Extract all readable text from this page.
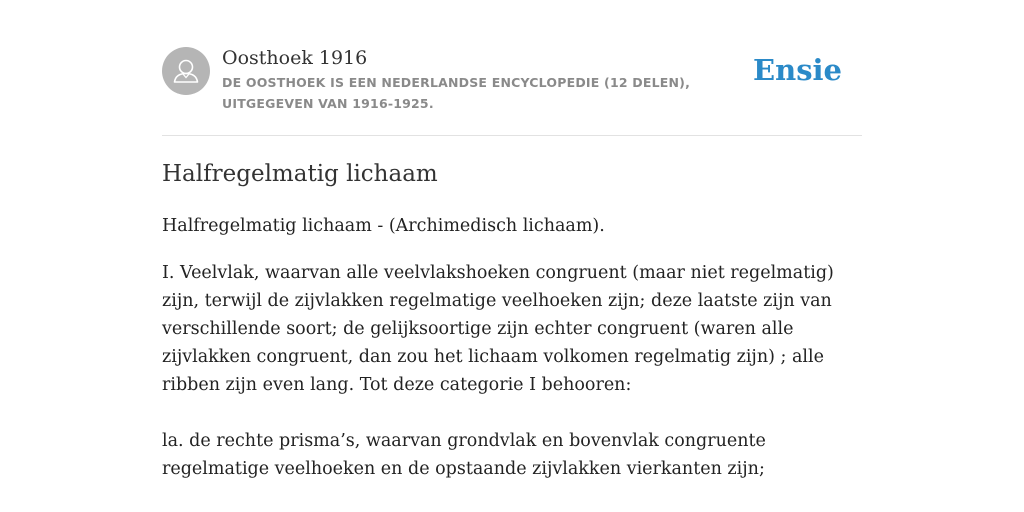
Oosthoek 1916
DE OOSTHOEK IS EEN NEDERLANDSE ENCYCLOPEDIE (12 DELEN), UITGEGEVEN VAN 1916-1925.
Ensie
Halfregelmatig lichaam

Halfregelmatig lichaam - (Archimedisch lichaam).

I. Veelvlak, waarvan alle veelvlakshoeken congruent (maar niet regelmatig) zijn, terwijl de zijvlakken regelmatige veelhoeken zijn; deze laatste zijn van verschillende soort; de gelijksoortige zijn echter congruent (waren alle zijvlakken congruent, dan zou het lichaam volkomen regelmatig zijn) ; alle ribben zijn even lang. Tot deze categorie I behooren:

la. de rechte prisma’s, waarvan grondvlak en bovenvlak congruente regelmatige veelhoeken en de opstaande zijvlakken vierkanten zijn;
